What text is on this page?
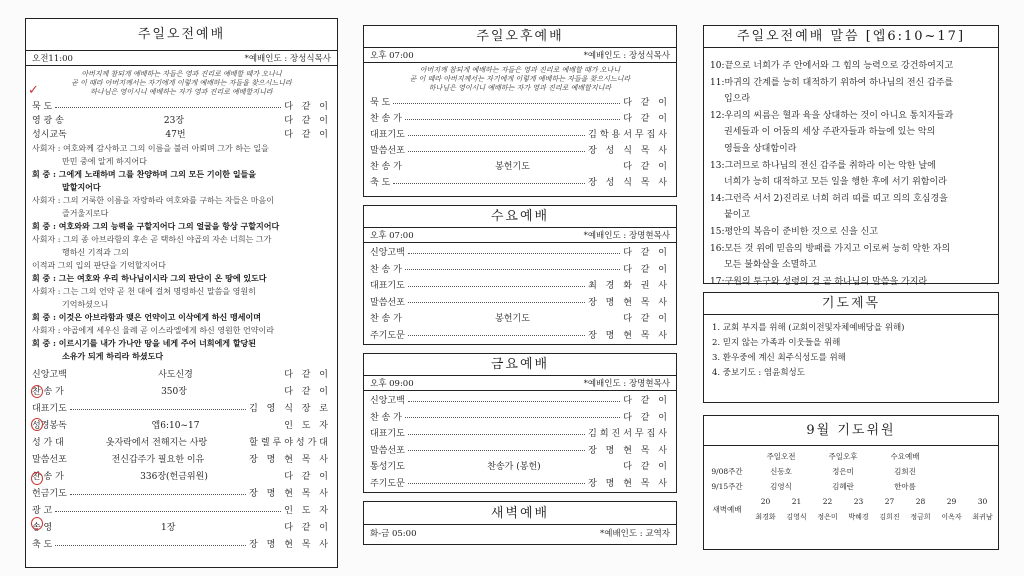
주일오전예배
오전11:00	*예배인도 : 장성식목사
아버지께 참되게 예배하는 자들은 영과 진리로 예배할 때가 오나니
곧 이 때라 아버지께서는 자기에게 이렇게 예배하는 자들을 찾으시느니라
하나님은 영이시니 예배하는 자가 영과 진리로 예배할지니라
묵 도	다 같 이
영 광 송	23장	다 같 이
성시교독	47번	다 같 이
사회자 : 여호와께 감사하고 그의 이름을 불러 아뢰며 그가 하는 일을
만민 중에 알게 하지어다
회 중 : 그에게 노래하며 그를 찬양하며 그의 모든 기이한 일들을
말할지어다
사회자 : 그의 거룩한 이름을 자랑하라 여호와를 구하는 자들은 마음이
즐거울지로다
회 중 : 여호와와 그의 능력을 구할지어다 그의 얼굴을 항상 구할지어다
사회자 : 그의 종 아브라함의 후손 곧 택하신 야곱의 자손 너희는 그가
행하신 기적과 그의
이적과 그의 입의 판단을 기억할지어다
회 중 : 그는 여호와 우리 하나님이시라 그의 판단이 온 땅에 있도다
사회자 : 그는 그의 언약 곧 천 대에 걸쳐 명령하신 말씀을 영원히
기억하셨으니
회 중 : 이것은 아브라함과 맺은 언약이고 이삭에게 하신 맹세이며
사회자 : 야곱에게 세우신 율례 곧 이스라엘에게 하신 영원한 언약이라
회 중 : 이르시기를 내가 가나안 땅을 네게 주어 너희에게 할당된
소유가 되게 하리라 하셨도다
신앙고백	사도신경	다 같 이
찬 송 가	350장	다 같 이
대표기도	김 영 식 장 로
성경봉독	엡6:10~17	인 도 자
성 가 대	옷자락에서 전해지는 사랑	할렐루야성가대
말씀선포	전신갑주가 필요한 이유	장 명 현 목 사
찬 송 가	336장(헌금위원)	다 같 이
헌금기도	장 명 현 목 사
광 고	인 도 자
송 영	1장	다 같 이
축 도	장 명 현 목 사
✓
주일오후예배
오후 07:00	*예배인도 : 장성식목사
아버지께 참되게 예배하는 자들은 영과 진리로 예배할 때가 오나니
곧 이 때라 아버지께서는 자기에게 이렇게 예배하는 자들을 찾으시느니라
하나님은 영이시니 예배하는 자가 영과 진리로 예배할지니라
묵 도	다 같 이
찬 송 가	다 같 이
대표기도	김학용서무집사
말씀선포	장 성 식 목 사
찬 송 가	봉헌기도	다 같 이
축 도	장 성 식 목 사
수요예배
오후 07:00	*예배인도 : 장명현목사
신앙고백	다 같 이
찬 송 가	다 같 이
대표기도	최 경 화 권 사
말씀선포	장 명 현 목 사
찬 송 가	봉헌기도	다 같 이
주기도문	장 명 현 목 사
금요예배
오후 09:00	*예배인도 : 장명현목사
신앙고백	다 같 이
찬 송 가	다 같 이
대표기도	김희진서무집사
말씀선포	장 명 현 목 사
통성기도	찬송가 (봉헌)	다 같 이
주기도문	장 명 현 목 사
새벽예배
화-금 05:00	*예배인도 : 교역자
주일오전예배 말씀 [엡6:10~17]
10:끝으로 너희가 주 안에서와 그 힘의 능력으로 강건하여지고
11:마귀의 간계를 능히 대적하기 위하여 하나님의 전신 갑주를
입으라
12:우리의 씨름은 혈과 육을 상대하는 것이 아니요 통치자들과
권세들과 이 어둠의 세상 주관자들과 하늘에 있는 악의
영들을 상대함이라
13:그러므로 하나님의 전신 갑주를 취하라 이는 악한 날에
너희가 능히 대적하고 모든 일을 행한 후에 서기 위함이라
14:그런즉 서서 2)진리로 너희 허리 띠를 띠고 의의 호심경을
붙이고
15:평안의 복음이 준비한 것으로 신을 신고
16:모든 것 위에 믿음의 방패를 가지고 이로써 능히 악한 자의
모든 불화살을 소멸하고
17:구원의 투구와 성령의 검 곧 하나님의 말씀을 가지라
기도제목
1. 교회 부지를 위해 (교회이전및자체예배당을 위해)
2. 믿지 않는 가족과 이웃들을 위해
3. 환우중에 계신 최주식성도를 위해
4. 중보기도 : 염윤희성도
9월 기도위원
	주일오전		주일오후		수요예배			
9/08주간	신동호		정은미		김희진			
9/15주간	김영식		김혜란		한아름			
새벽예배	20	21	22	23	27	28	29	30
	최경화	김영식	정은미	박혜경	김희진	정금희	이옥자	최귀남
